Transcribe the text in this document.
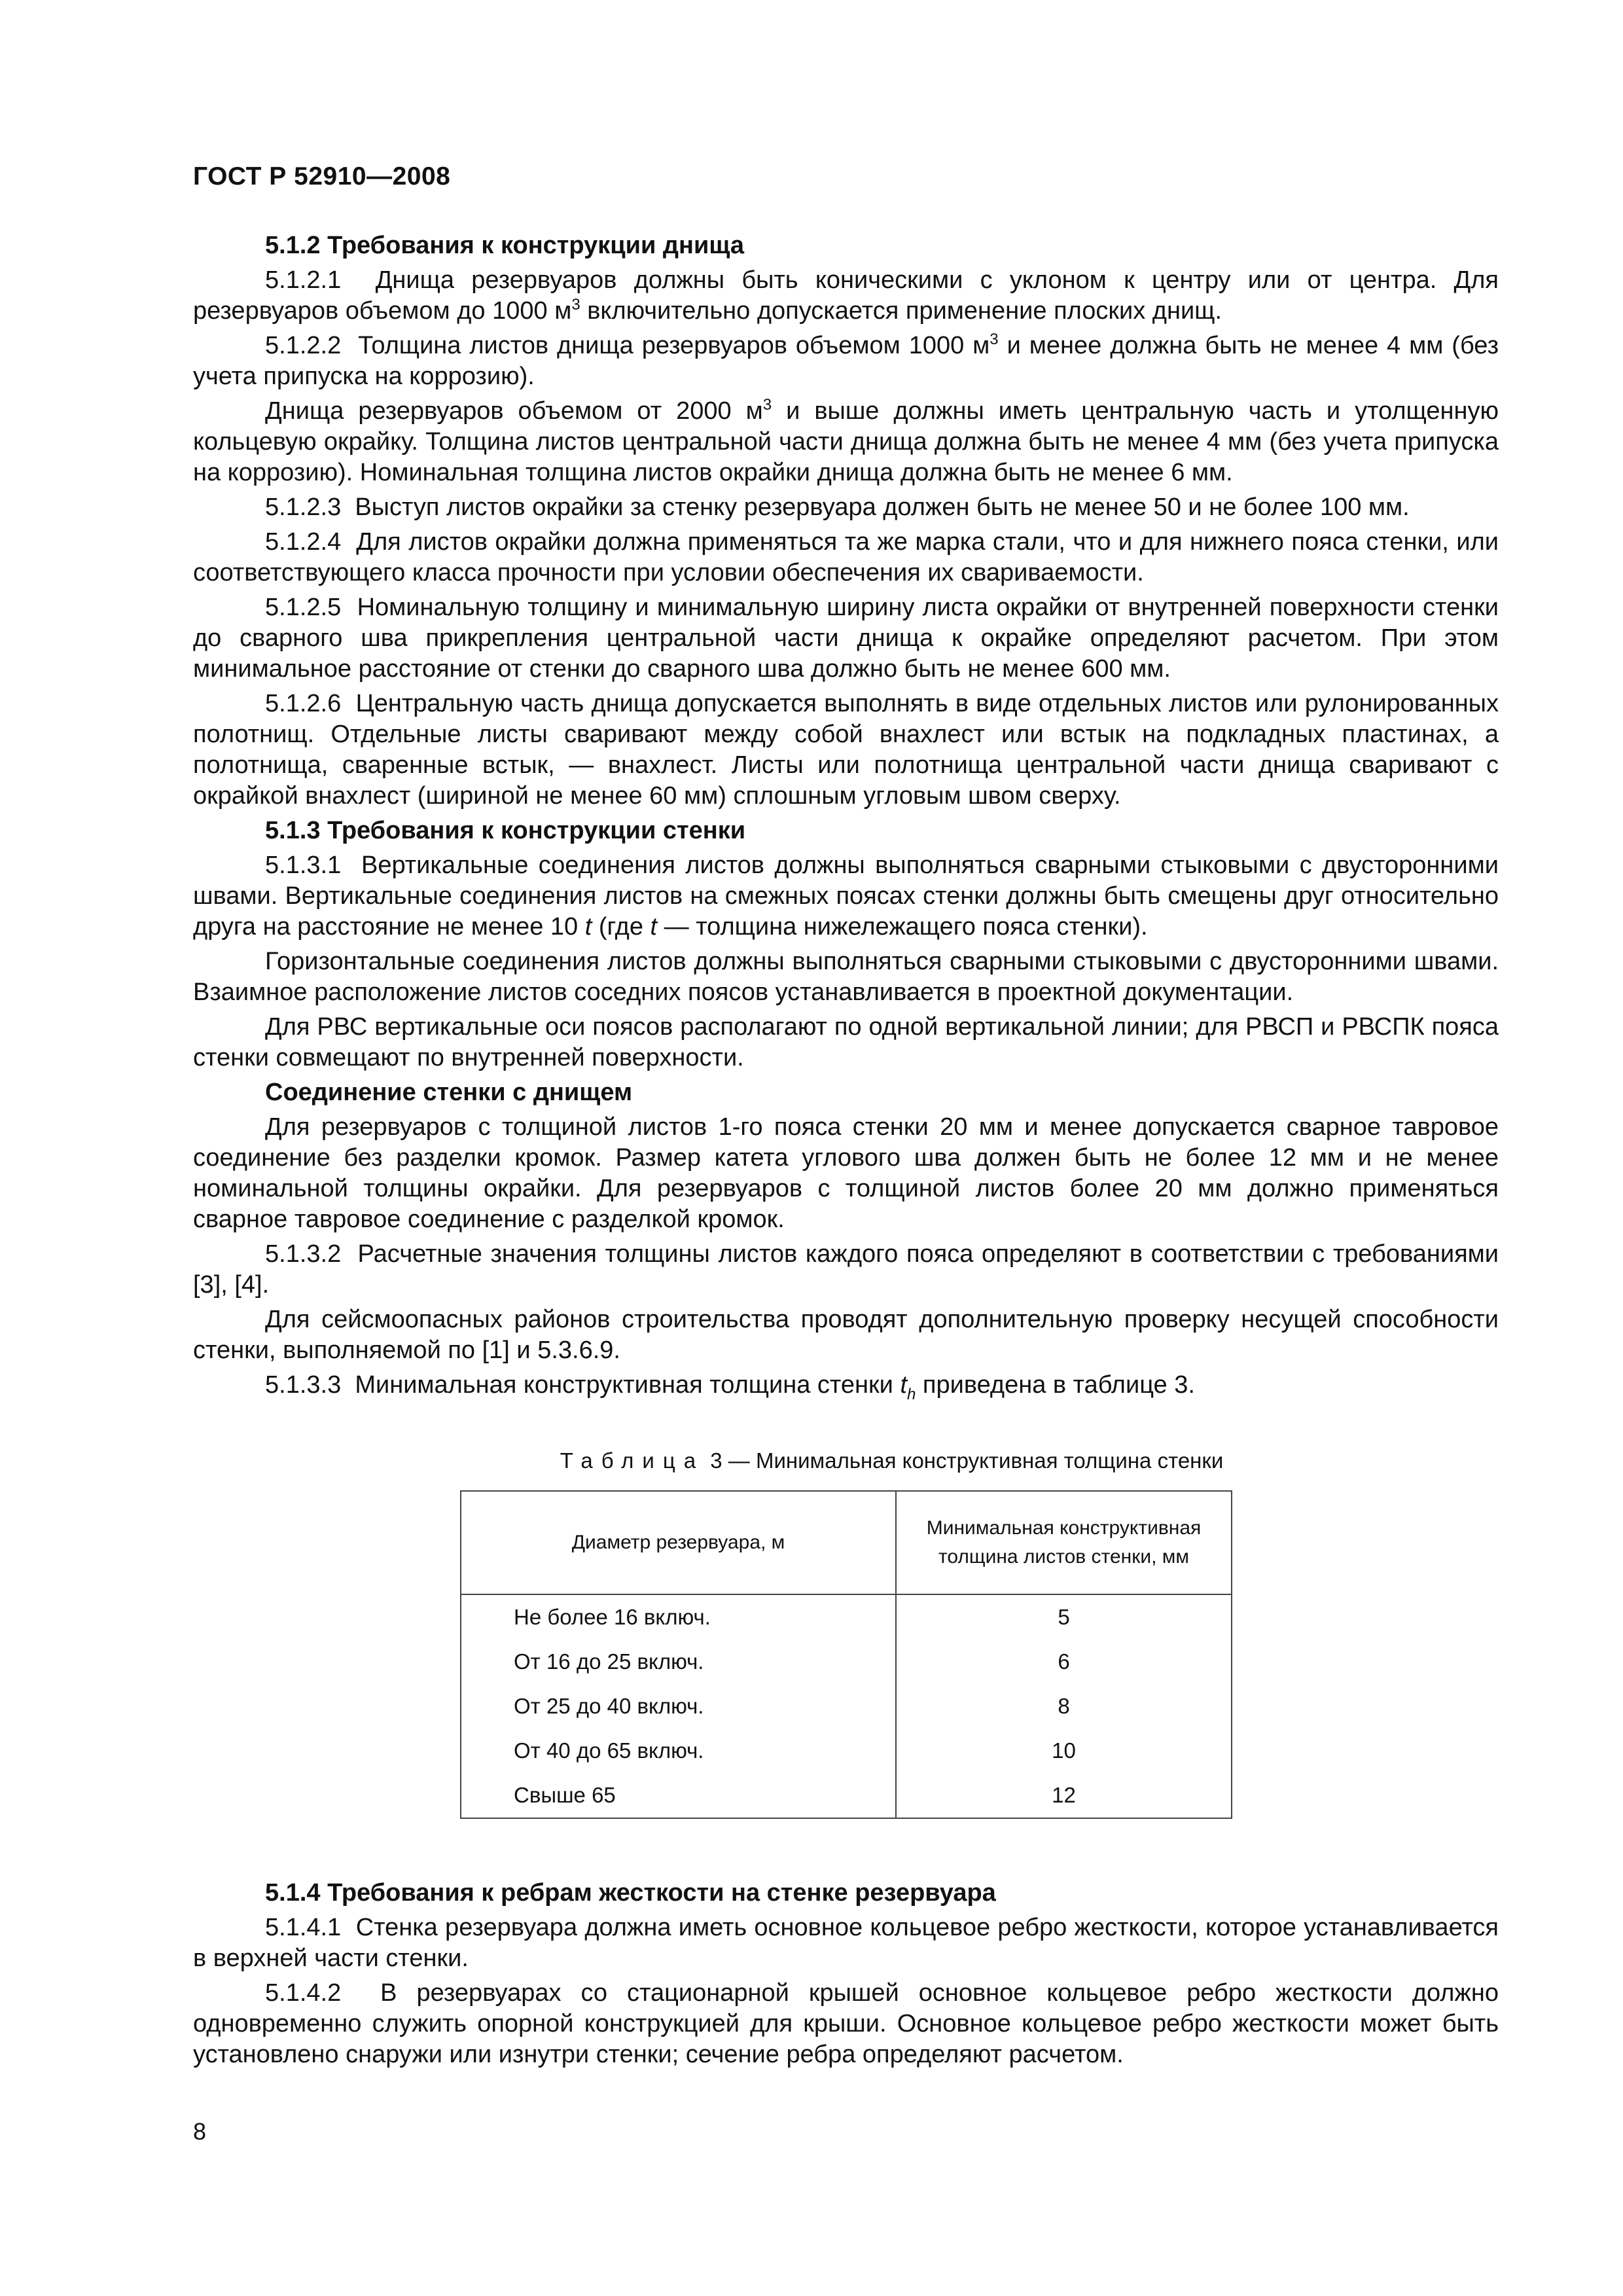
ГОСТ Р 52910—2008
5.1.2 Требования к конструкции днища

5.1.2.1  Днища резервуаров должны быть коническими с уклоном к центру или от центра. Для резервуаров объемом до 1000 $м^3$ включительно допускается применение плоских днищ.

5.1.2.2  Толщина листов днища резервуаров объемом 1000 $м^3$ и менее должна быть не менее 4 мм (без учета припуска на коррозию).

Днища резервуаров объемом от 2000 $м^3$ и выше должны иметь центральную часть и утолщенную кольцевую окрайку. Толщина листов центральной части днища должна быть не менее 4 мм (без учета припуска на коррозию). Номинальная толщина листов окрайки днища должна быть не менее 6 мм.

5.1.2.3  Выступ листов окрайки за стенку резервуара должен быть не менее 50 и не более 100 мм.

5.1.2.4  Для листов окрайки должна применяться та же марка стали, что и для нижнего пояса стенки, или соответствующего класса прочности при условии обеспечения их свариваемости.

5.1.2.5  Номинальную толщину и минимальную ширину листа окрайки от внутренней поверхности стенки до сварного шва прикрепления центральной части днища к окрайке определяют расчетом. При этом минимальное расстояние от стенки до сварного шва должно быть не менее 600 мм.

5.1.2.6  Центральную часть днища допускается выполнять в виде отдельных листов или рулонированных полотнищ. Отдельные листы сваривают между собой внахлест или встык на подкладных пластинах, а полотнища, сваренные встык, — внахлест. Листы или полотнища центральной части днища сваривают с окрайкой внахлест (шириной не менее 60 мм) сплошным угловым швом сверху.

5.1.3 Требования к конструкции стенки

5.1.3.1  Вертикальные соединения листов должны выполняться сварными стыковыми с двусторонними швами. Вертикальные соединения листов на смежных поясах стенки должны быть смещены друг относительно друга на расстояние не менее 10 t (где t — толщина нижележащего пояса стенки).

Горизонтальные соединения листов должны выполняться сварными стыковыми с двусторонними швами. Взаимное расположение листов соседних поясов устанавливается в проектной документации.

Для РВС вертикальные оси поясов располагают по одной вертикальной линии; для РВСП и РВСПК пояса стенки совмещают по внутренней поверхности.

Соединение стенки с днищем

Для резервуаров с толщиной листов 1-го пояса стенки 20 мм и менее допускается сварное тавровое соединение без разделки кромок. Размер катета углового шва должен быть не более 12 мм и не менее номинальной толщины окрайки. Для резервуаров с толщиной листов более 20 мм должно применяться сварное тавровое соединение с разделкой кромок.

5.1.3.2  Расчетные значения толщины листов каждого пояса определяют в соответствии с требованиями [3], [4].

Для сейсмоопасных районов строительства проводят дополнительную проверку несущей способности стенки, выполняемой по [1] и 5.3.6.9.

5.1.3.3  Минимальная конструктивная толщина стенки $t_h$ приведена в таблице 3.

Таблица 3 — Минимальная конструктивная толщина стенки
Диаметр резервуара, м	Минимальная конструктивная толщина листов стенки, мм
Не более 16 включ.	5
От 16 до 25 включ.	6
От 25 до 40 включ.	8
От 40 до 65 включ.	10
Свыше 65	12
5.1.4 Требования к ребрам жесткости на стенке резервуара

5.1.4.1  Стенка резервуара должна иметь основное кольцевое ребро жесткости, которое устанавливается в верхней части стенки.

5.1.4.2  В резервуарах со стационарной крышей основное кольцевое ребро жесткости должно одновременно служить опорной конструкцией для крыши. Основное кольцевое ребро жесткости может быть установлено снаружи или изнутри стенки; сечение ребра определяют расчетом.

8
